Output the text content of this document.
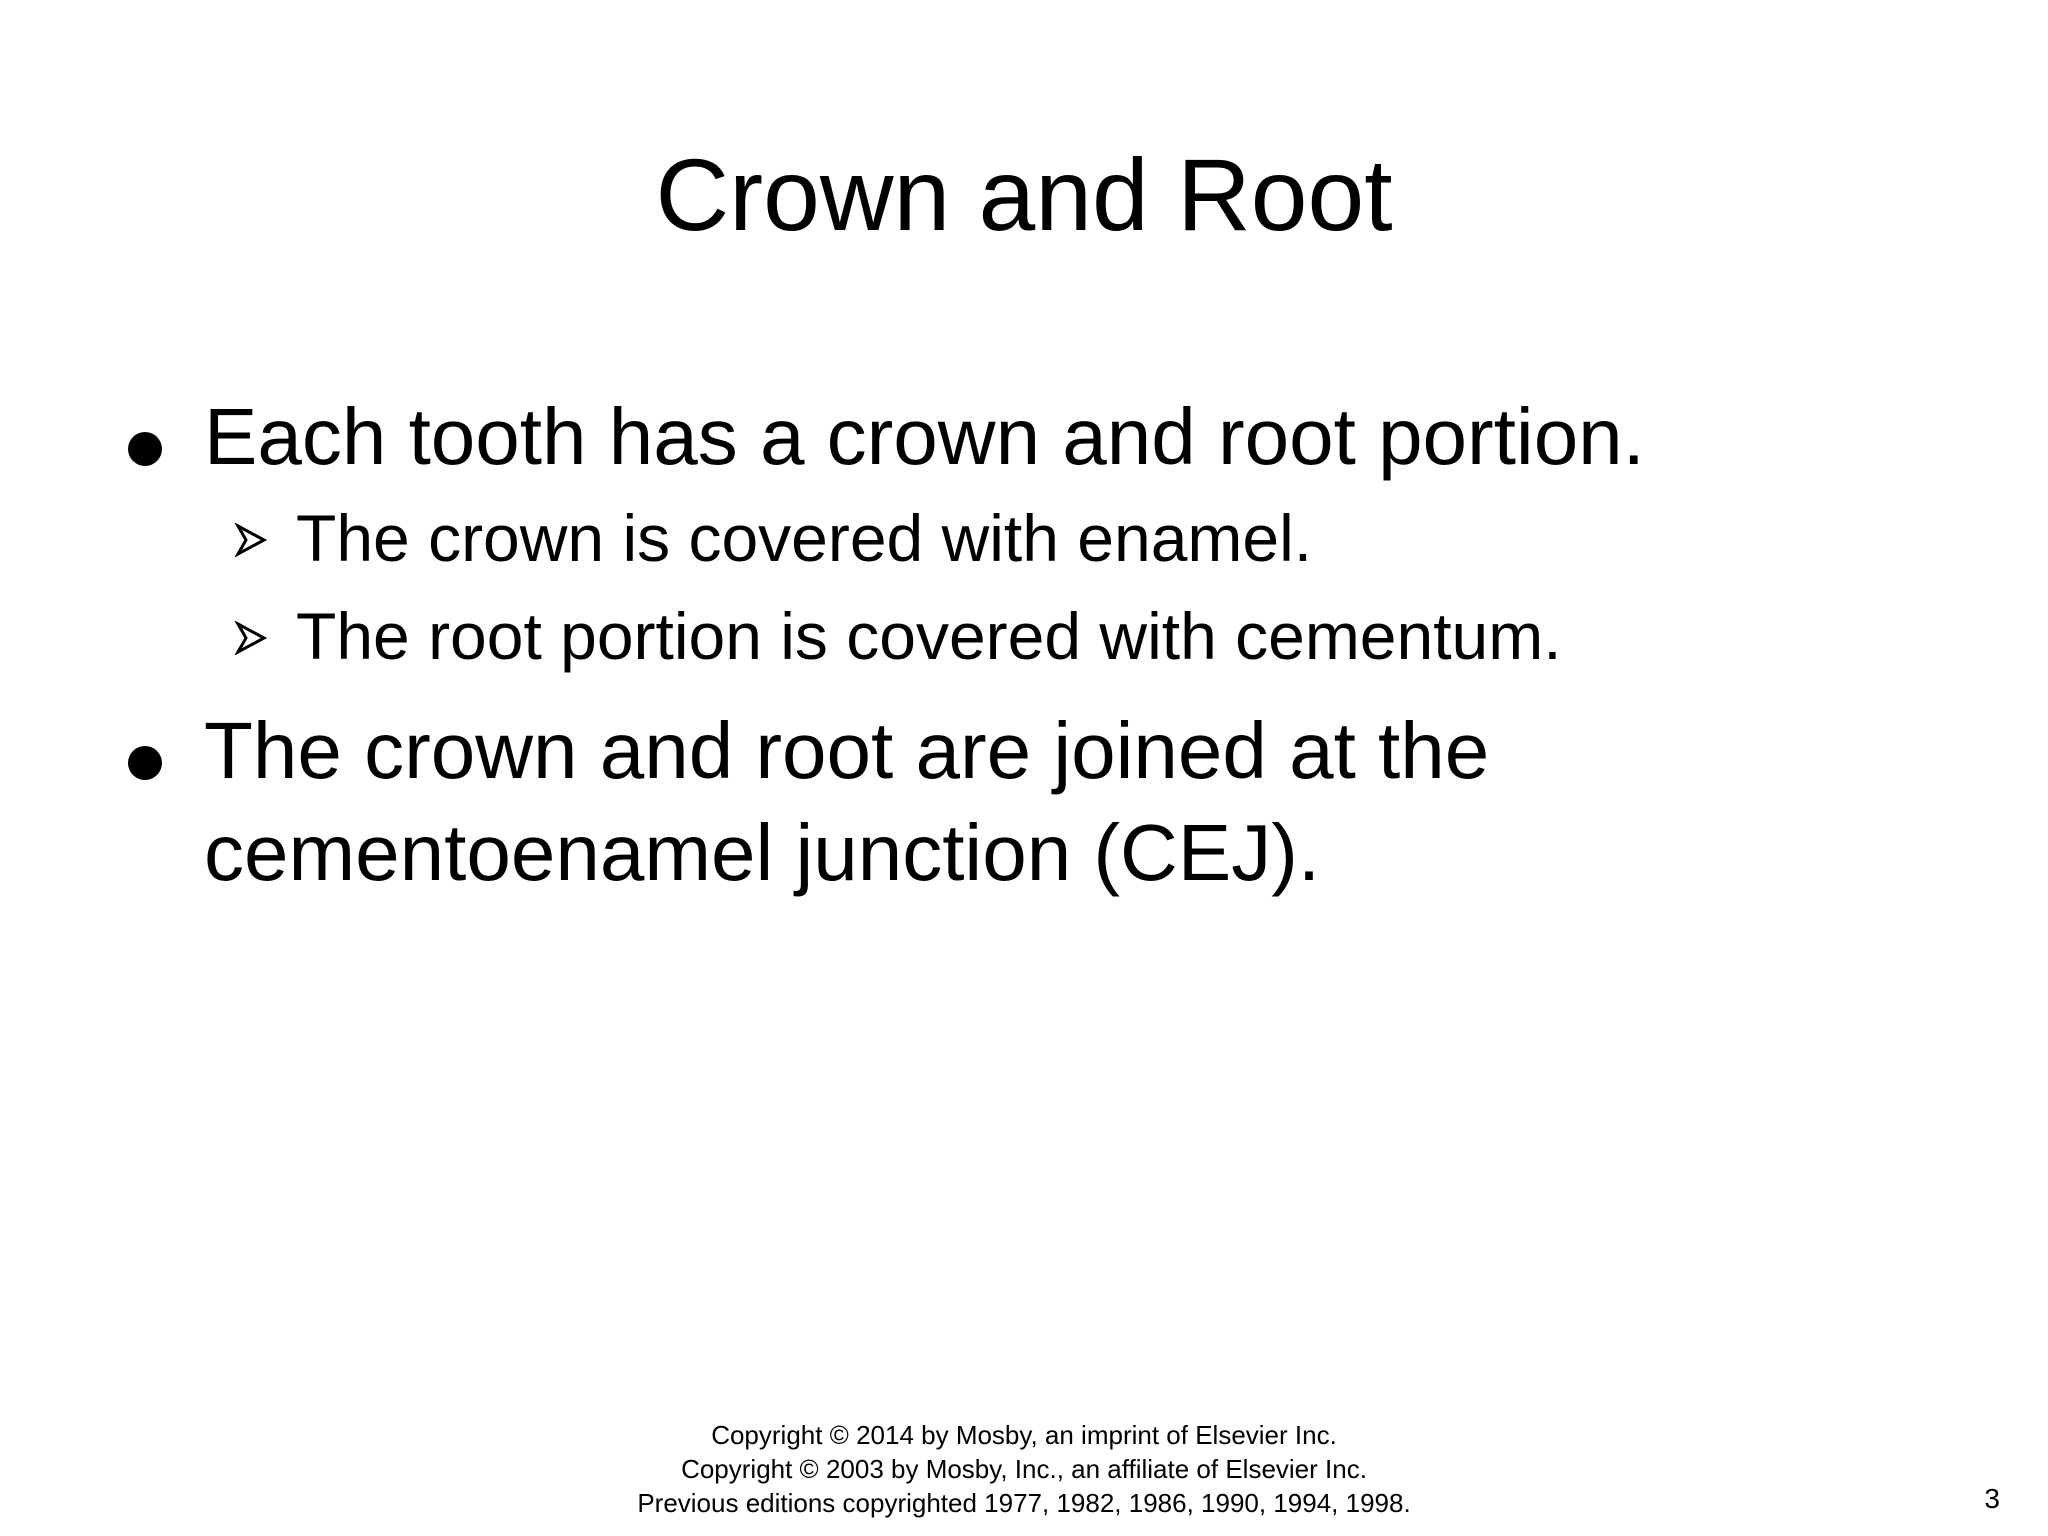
Crown and Root
Each tooth has a crown and root portion.
The crown is covered with enamel.
The root portion is covered with cementum.
The crown and root are joined at the
cementoenamel junction (CEJ).
Copyright © 2014 by Mosby, an imprint of Elsevier Inc.
Copyright © 2003 by Mosby, Inc., an affiliate of Elsevier Inc.
Previous editions copyrighted 1977, 1982, 1986, 1990, 1994, 1998.	3
